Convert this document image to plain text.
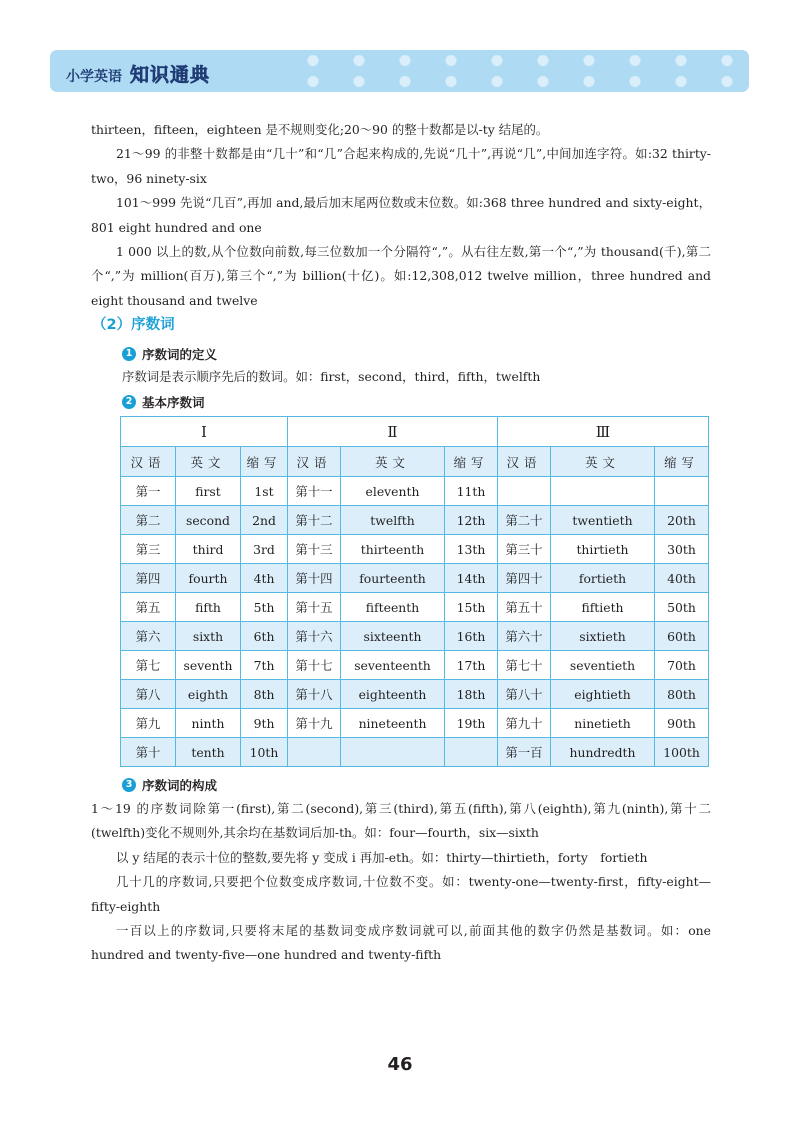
小学英语 知识通典

thirteen，fifteen，eighteen 是不规则变化;20～90 的整十数都是以-ty 结尾的。

21～99 的非整十数都是由“几十”和“几”合起来构成的,先说“几十”,再说“几”,中间加连字符。如:32 thirty-two，96 ninety-six

101～999 先说“几百”,再加 and,最后加末尾两位数或末位数。如:368 three hundred and sixty-eight，801 eight hundred and one

1 000 以上的数,从个位数向前数,每三位数加一个分隔符“,”。从右往左数,第一个“,”为 thousand(千),第二个“,”为 million(百万),第三个“,”为 billion(十亿)。如:12,308,012 twelve million，three hundred and eight thousand and twelve

（2）序数词
1 序数词的定义
序数词是表示顺序先后的数词。如：first，second，third，fifth，twelfth
2 基本序数词
Ⅰ			Ⅱ			Ⅲ		
汉语	英文	缩写	汉语	英文	缩写	汉语	英文	缩写
第一	first	1st	第十一	eleventh	11th			
第二	second	2nd	第十二	twelfth	12th	第二十	twentieth	20th
第三	third	3rd	第十三	thirteenth	13th	第三十	thirtieth	30th
第四	fourth	4th	第十四	fourteenth	14th	第四十	fortieth	40th
第五	fifth	5th	第十五	fifteenth	15th	第五十	fiftieth	50th
第六	sixth	6th	第十六	sixteenth	16th	第六十	sixtieth	60th
第七	seventh	7th	第十七	seventeenth	17th	第七十	seventieth	70th
第八	eighth	8th	第十八	eighteenth	18th	第八十	eightieth	80th
第九	ninth	9th	第十九	nineteenth	19th	第九十	ninetieth	90th
第十	tenth	10th				第一百	hundredth	100th
3 序数词的构成

1～19 的序数词除第一(first),第二(second),第三(third),第五(fifth),第八(eighth),第九(ninth),第十二(twelfth)变化不规则外,其余均在基数词后加-th。如：four—fourth，six—sixth

以 y 结尾的表示十位的整数,要先将 y 变成 i 再加-eth。如：thirty—thirtieth，forty　fortieth

几十几的序数词,只要把个位数变成序数词,十位数不变。如：twenty-one—twenty-first，fifty-eight—fifty-eighth

一百以上的序数词,只要将末尾的基数词变成序数词就可以,前面其他的数字仍然是基数词。如：one hundred and twenty-five—one hundred and twenty-fifth

46
